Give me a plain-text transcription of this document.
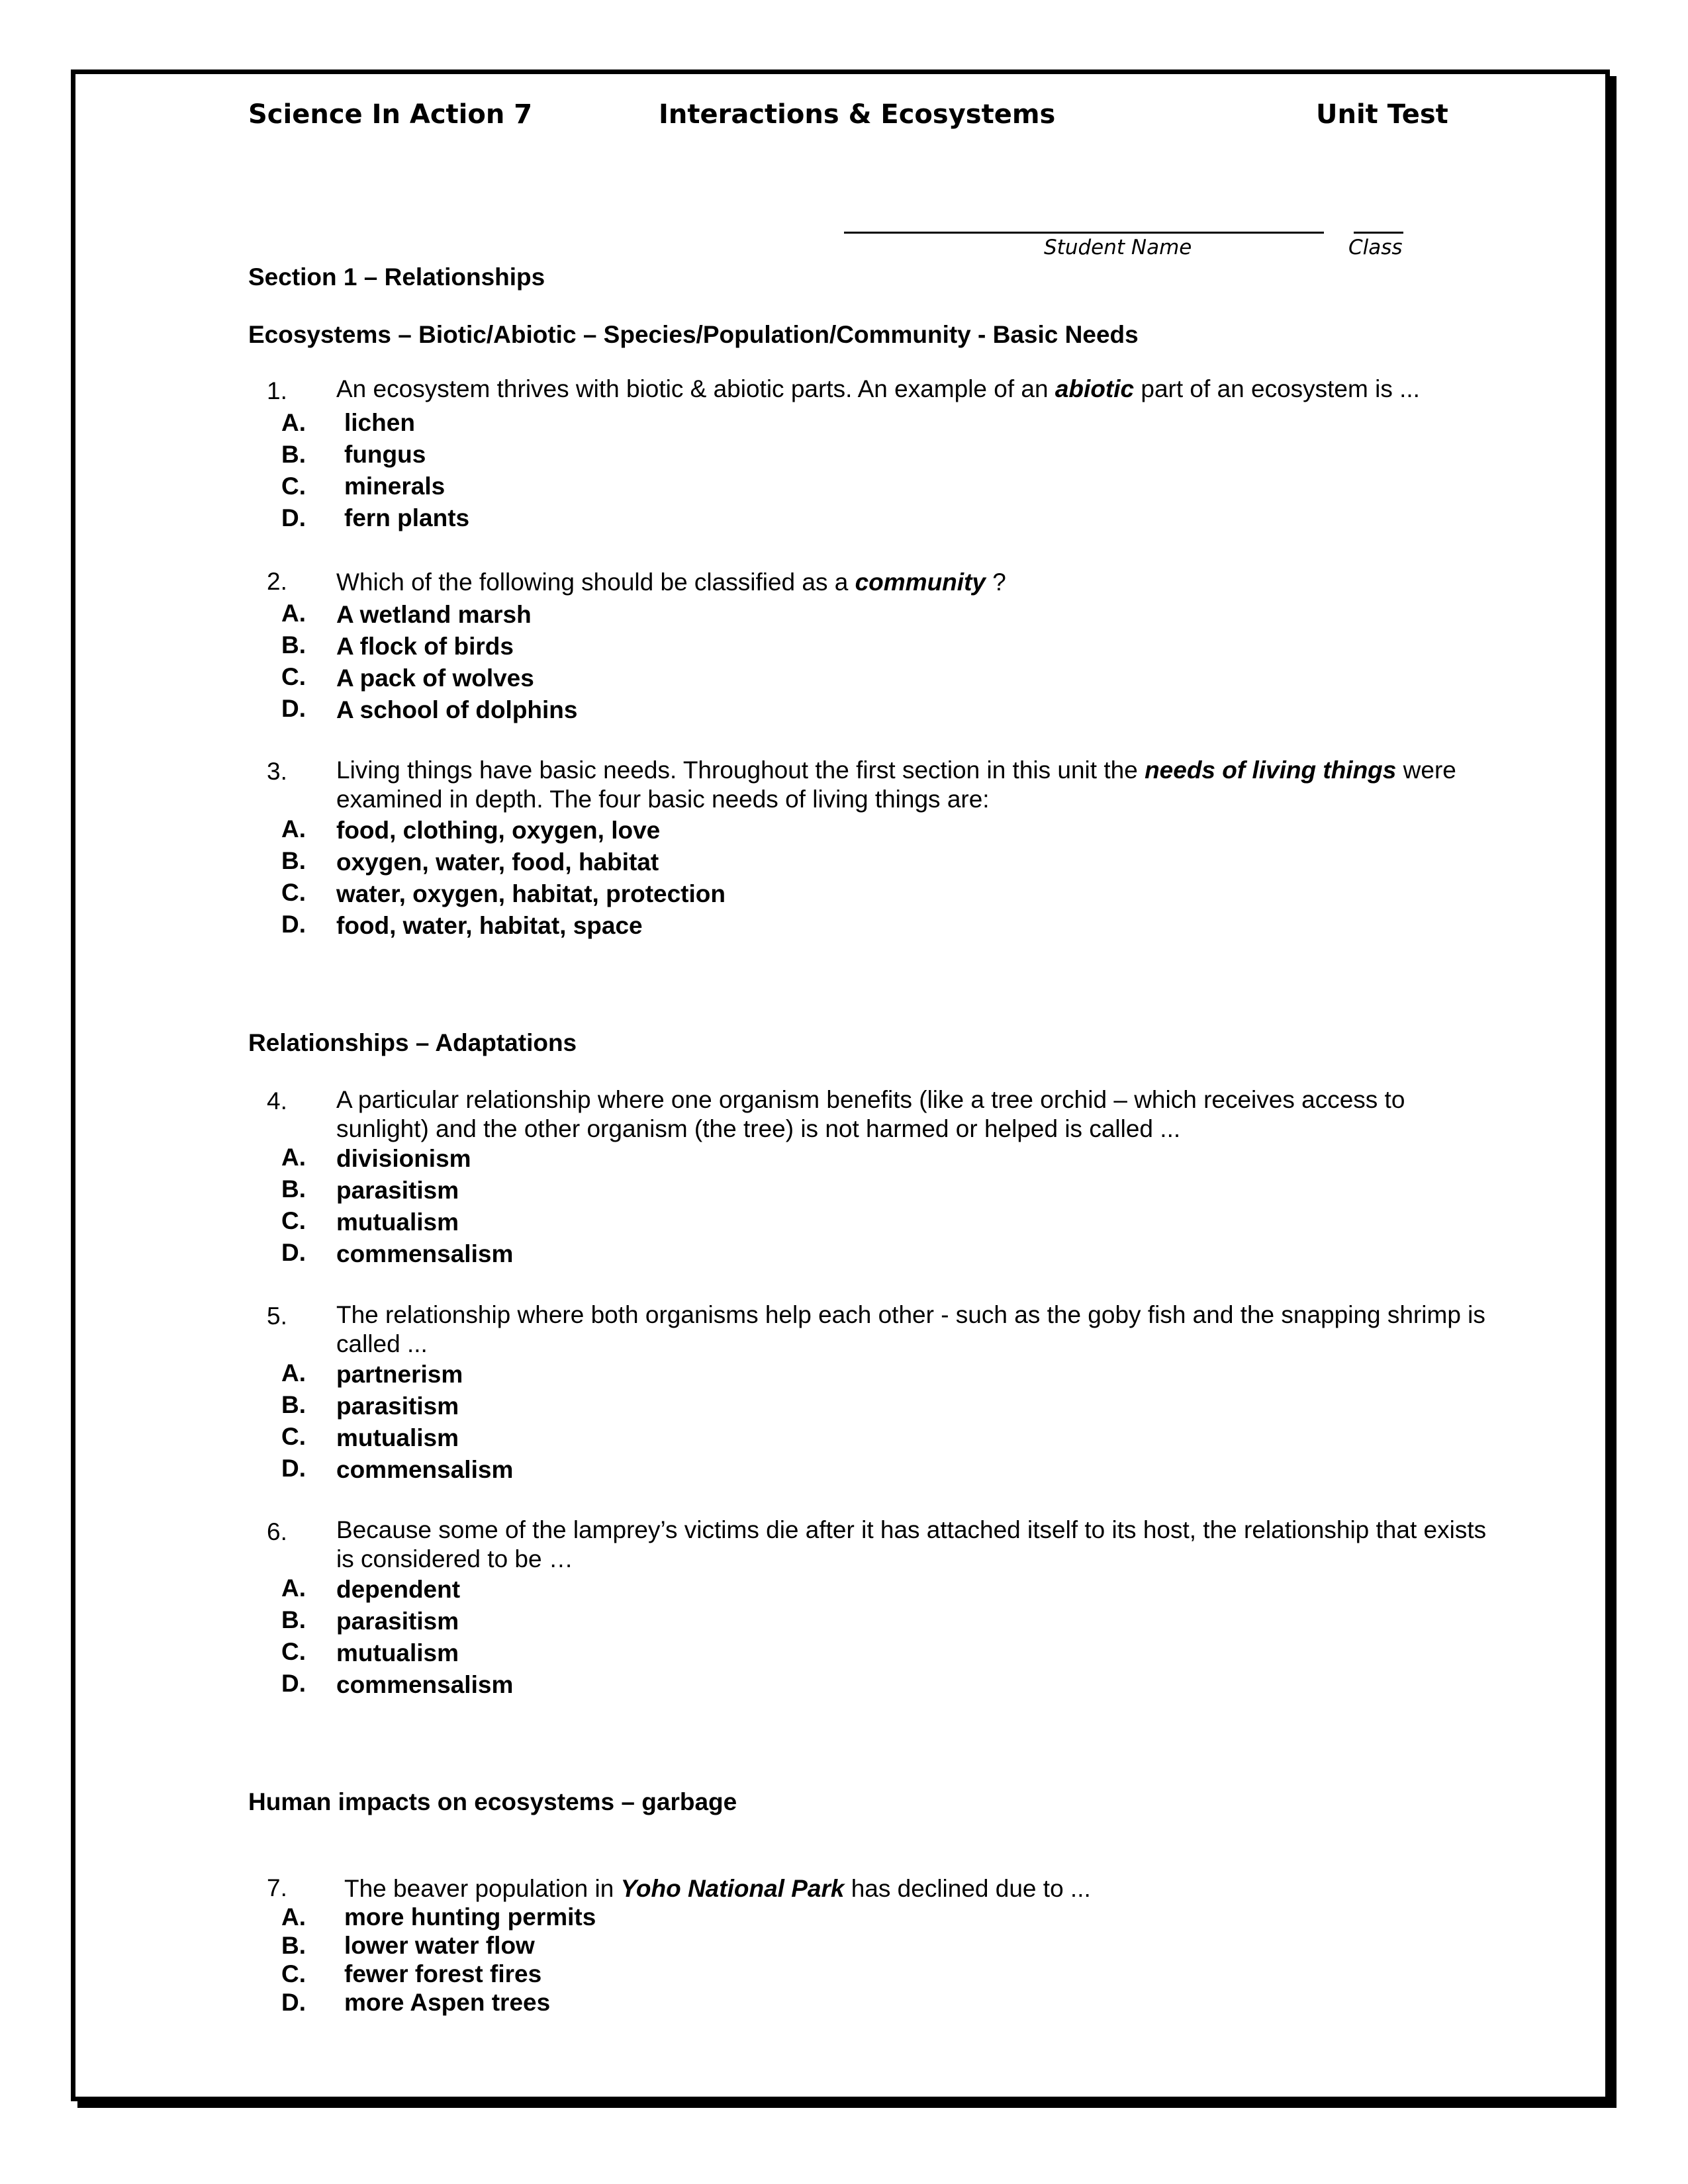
Science In Action 7	Interactions & Ecosystems	Unit Test
Student Name	Class
Section 1 – Relationships
Ecosystems – Biotic/Abiotic – Species/Population/Community - Basic Needs
1. An ecosystem thrives with biotic & abiotic parts. An example of an abiotic part of an ecosystem is ...
A. lichen
B. fungus
C. minerals
D. fern plants
2. Which of the following should be classified as a community ?
A. A wetland marsh
B. A flock of birds
C. A pack of wolves
D. A school of dolphins
3. Living things have basic needs. Throughout the first section in this unit the needs of living things were examined in depth. The four basic needs of living things are:
A. food, clothing, oxygen, love
B. oxygen, water, food, habitat
C. water, oxygen, habitat, protection
D. food, water, habitat, space
Relationships – Adaptations
4. A particular relationship where one organism benefits (like a tree orchid – which receives access to sunlight) and the other organism (the tree) is not harmed or helped is called ...
A. divisionism
B. parasitism
C. mutualism
D. commensalism
5. The relationship where both organisms help each other - such as the goby fish and the snapping shrimp is called ...
A. partnerism
B. parasitism
C. mutualism
D. commensalism
6. Because some of the lamprey’s victims die after it has attached itself to its host, the relationship that exists is considered to be …
A. dependent
B. parasitism
C. mutualism
D. commensalism
Human impacts on ecosystems – garbage
7. The beaver population in Yoho National Park has declined due to ...
A. more hunting permits
B. lower water flow
C. fewer forest fires
D. more Aspen trees
